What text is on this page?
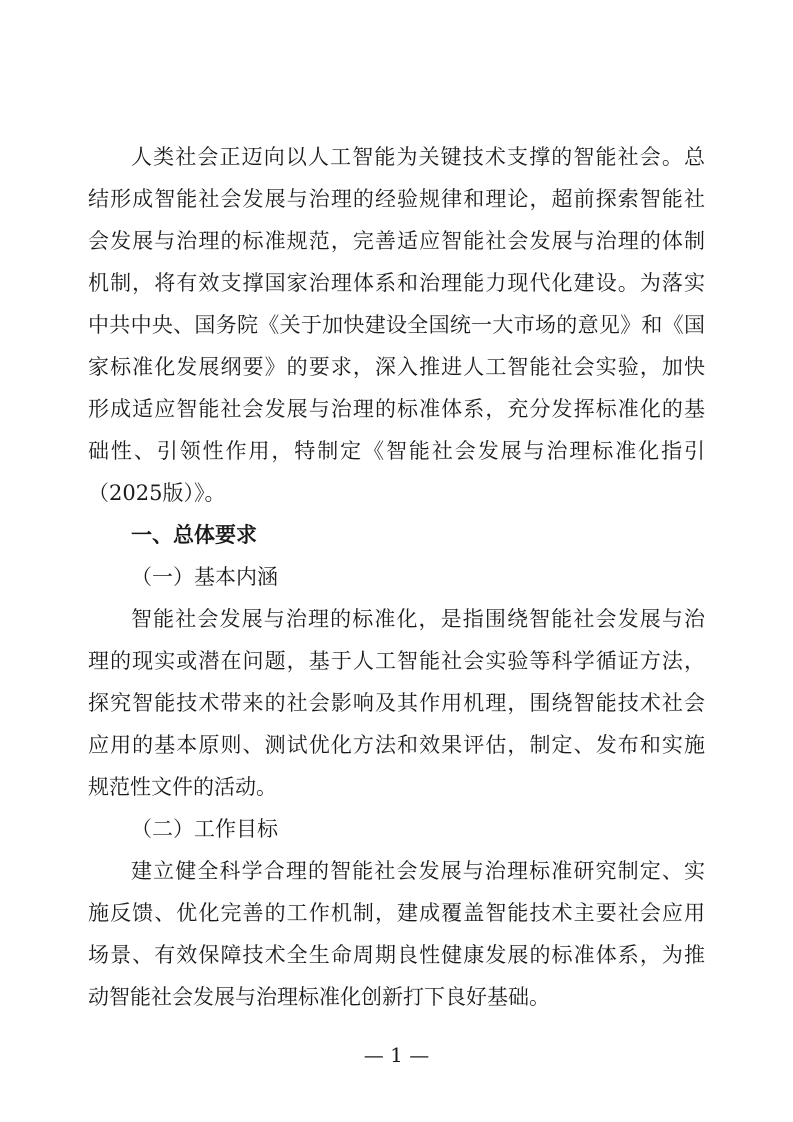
人类社会正迈向以人工智能为关键技术支撑的智能社会。总
结形成智能社会发展与治理的经验规律和理论，超前探索智能社
会发展与治理的标准规范，完善适应智能社会发展与治理的体制
机制，将有效支撑国家治理体系和治理能力现代化建设。为落实
中共中央、国务院《关于加快建设全国统一大市场的意见》和《国
家标准化发展纲要》的要求，深入推进人工智能社会实验，加快
形成适应智能社会发展与治理的标准体系，充分发挥标准化的基
础性、引领性作用，特制定《智能社会发展与治理标准化指引
（2025版）》。
一、总体要求
（一）基本内涵
智能社会发展与治理的标准化，是指围绕智能社会发展与治
理的现实或潜在问题，基于人工智能社会实验等科学循证方法，
探究智能技术带来的社会影响及其作用机理，围绕智能技术社会
应用的基本原则、测试优化方法和效果评估，制定、发布和实施
规范性文件的活动。
（二）工作目标
建立健全科学合理的智能社会发展与治理标准研究制定、实
施反馈、优化完善的工作机制，建成覆盖智能技术主要社会应用
场景、有效保障技术全生命周期良性健康发展的标准体系，为推
动智能社会发展与治理标准化创新打下良好基础。
— 1 —
